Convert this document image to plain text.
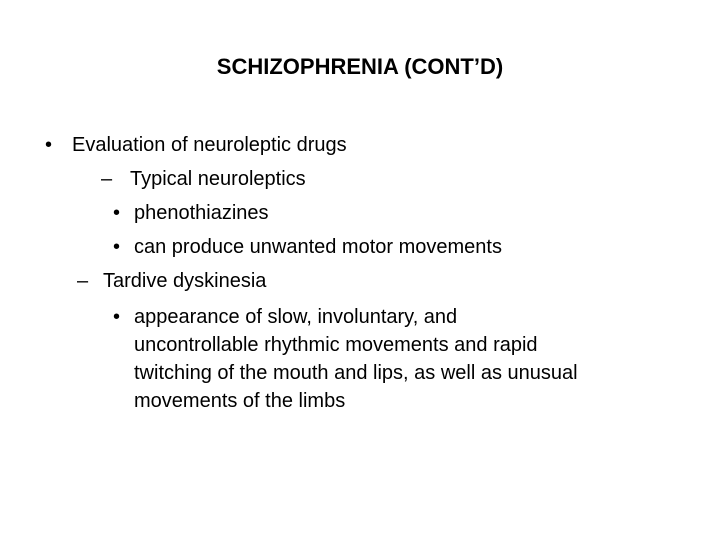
SCHIZOPHRENIA (CONT’D)
• Evaluation of neuroleptic drugs
– Typical neuroleptics
• phenothiazines
• can produce unwanted motor movements
– Tardive dyskinesia
• appearance of slow, involuntary, and
uncontrollable rhythmic movements and rapid
twitching of the mouth and lips, as well as unusual
movements of the limbs
